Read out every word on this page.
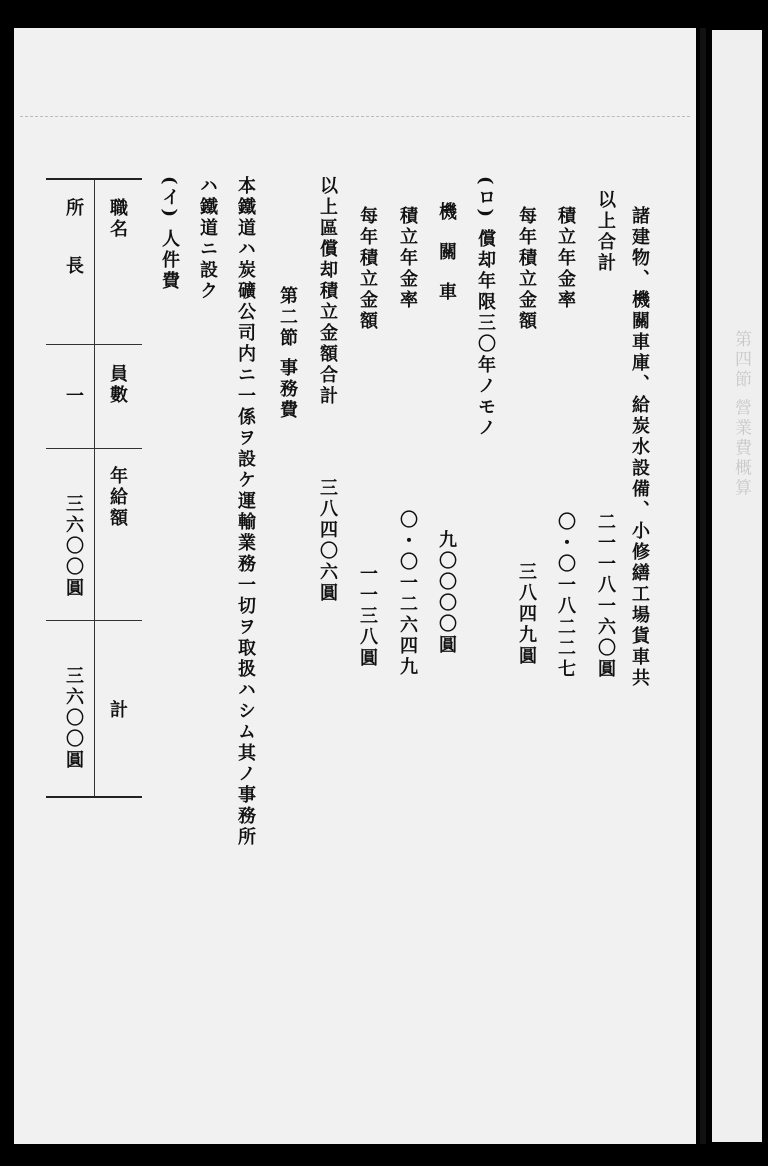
第四節 營業費概算
諸建物、機關車庫、給炭水設備、小修繕工場貨車共
以上合計
二一一八一六〇圓
積立年金率
〇・〇一八二二七
每年積立金額
三八四九圓
(ロ) 償却年限三〇年ノモノ
機關車
九〇〇〇〇圓
積立年金率
〇・〇一二六四九
每年積立金額
一一三八圓
以上區償却積立金額合計
三八四〇六圓
第二節 事務費
本鐵道ハ炭礦公司内ニ一係ヲ設ケ運輸業務一切ヲ取扱ハシム其ノ事務所
ハ鐵道ニ設ク
(イ) 人件費
職名
員數
年給額
計
所長
一
三六〇〇圓
三六〇〇圓
